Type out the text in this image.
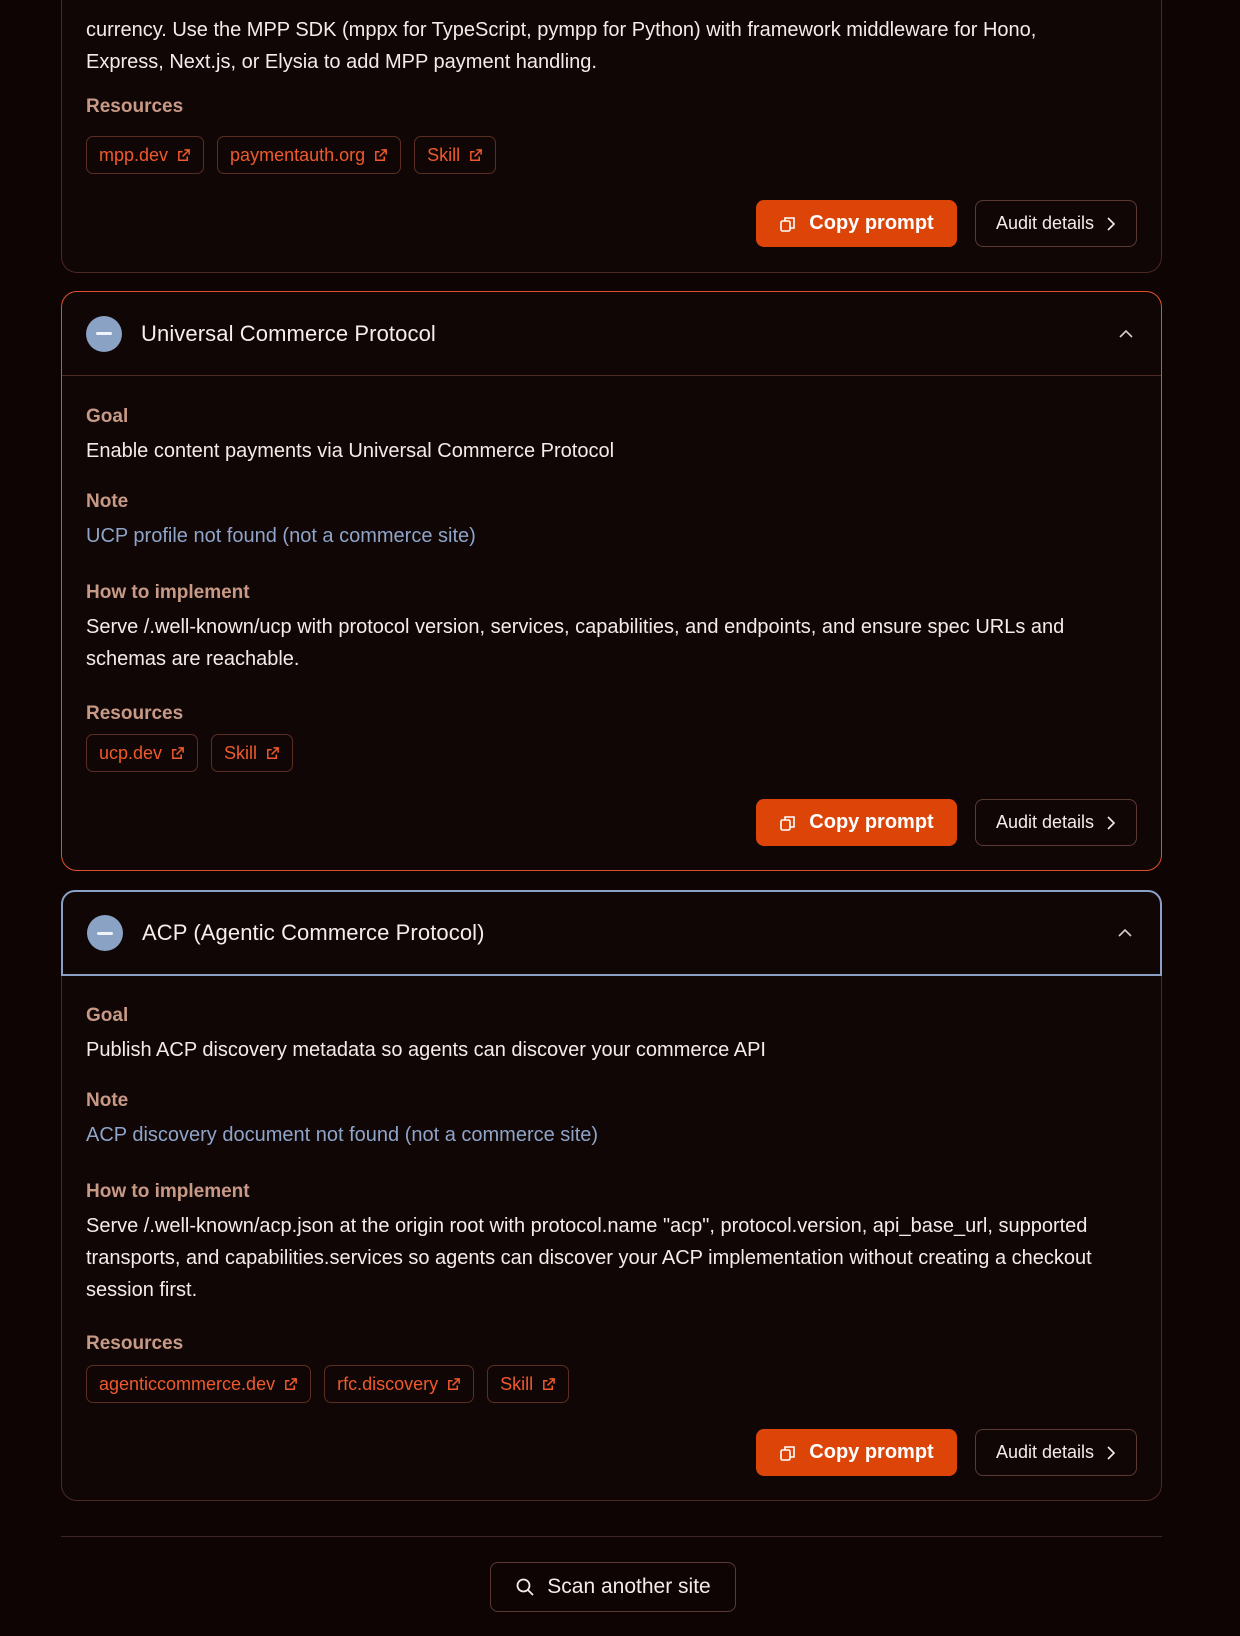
currency. Use the MPP SDK (mppx for TypeScript, pympp for Python) with framework middleware for Hono, Express, Next.js, or Elysia to add MPP payment handling.
Resources
mpp.dev	paymentauth.org	Skill
Copy prompt	Audit details
Universal Commerce Protocol
Goal
Enable content payments via Universal Commerce Protocol
Note
UCP profile not found (not a commerce site)
How to implement
Serve /.well-known/ucp with protocol version, services, capabilities, and endpoints, and ensure spec URLs and schemas are reachable.
Resources
ucp.dev	Skill
Copy prompt	Audit details
ACP (Agentic Commerce Protocol)
Goal
Publish ACP discovery metadata so agents can discover your commerce API
Note
ACP discovery document not found (not a commerce site)
How to implement
Serve /.well-known/acp.json at the origin root with protocol.name "acp", protocol.version, api_base_url, supported transports, and capabilities.services so agents can discover your ACP implementation without creating a checkout session first.
Resources
agenticcommerce.dev	rfc.discovery	Skill
Copy prompt	Audit details
Scan another site
